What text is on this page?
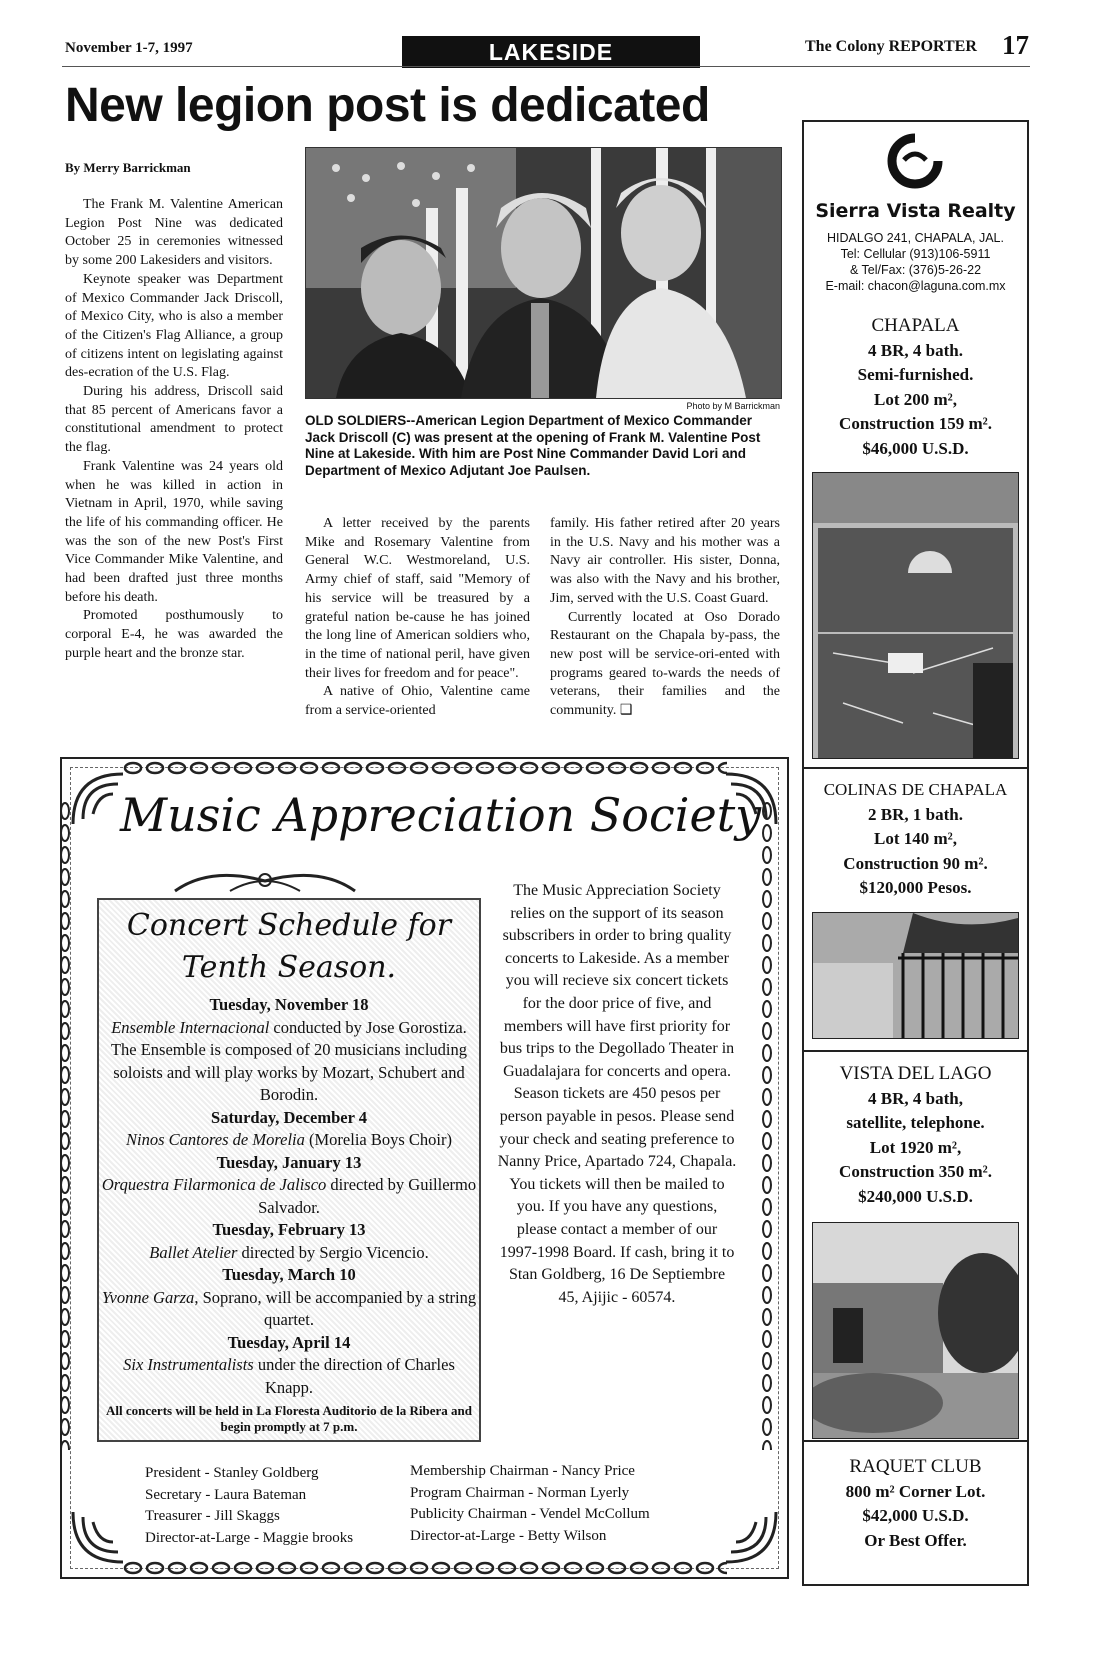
November 1-7, 1997	LAKESIDE	The Colony REPORTER 17
New legion post is dedicated
By Merry Barrickman

The Frank M. Valentine American Legion Post Nine was dedicated October 25 in ceremonies witnessed by some 200 Lakesiders and visitors.

Keynote speaker was Department of Mexico Commander Jack Driscoll, of Mexico City, who is also a member of the Citizen's Flag Alliance, a group of citizens intent on legislating against des-ecration of the U.S. Flag.

During his address, Driscoll said that 85 percent of Americans favor a constitutional amendment to protect the flag.

Frank Valentine was 24 years old when he was killed in action in Vietnam in April, 1970, while saving the life of his commanding officer. He was the son of the new Post's First Vice Commander Mike Valentine, and had been drafted just three months before his death.

Promoted posthumously to corporal E-4, he was awarded the purple heart and the bronze star.

Photo by M Barrickman
OLD SOLDIERS--American Legion Department of Mexico Commander Jack Driscoll (C) was present at the opening of Frank M. Valentine Post Nine at Lakeside. With him are Post Nine Commander David Lori and Department of Mexico Adjutant Joe Paulsen.

A letter received by the parents Mike and Rosemary Valentine from General W.C. Westmoreland, U.S. Army chief of staff, said "Memory of his service will be treasured by a grateful nation be-cause he has joined the long line of American soldiers who, in the time of national peril, have given their lives for freedom and for peace".

A native of Ohio, Valentine came from a service-oriented

family. His father retired after 20 years in the U.S. Navy and his mother was a Navy air controller. His sister, Donna, was also with the Navy and his brother, Jim, served with the U.S. Coast Guard.

Currently located at Oso Dorado Restaurant on the Chapala by-pass, the new post will be service-ori-ented with programs geared to-wards the needs of veterans, their families and the community. ❑

Music Appreciation Society
Concert Schedule for
Tenth Season.
Tuesday, November 18
Ensemble Internacional conducted by Jose Gorostiza. The Ensemble is composed of 20 musicians including soloists and will play works by Mozart, Schubert and Borodin.
Saturday, December 4
Ninos Cantores de Morelia (Morelia Boys Choir)
Tuesday, January 13
Orquestra Filarmonica de Jalisco directed by Guillermo Salvador.
Tuesday, February 13
Ballet Atelier directed by Sergio Vicencio.
Tuesday, March 10
Yvonne Garza, Soprano, will be accompanied by a string quartet.
Tuesday, April 14
Six Instrumentalists under the direction of Charles Knapp.
All concerts will be held in La Floresta Auditorio de la Ribera and begin promptly at 7 p.m.
The Music Appreciation Society relies on the support of its season subscribers in order to bring quality concerts to Lakeside. As a member you will recieve six concert tickets for the door price of five, and members will have first priority for bus trips to the Degollado Theater in Guadalajara for concerts and opera. Season tickets are 450 pesos per person payable in pesos. Please send your check and seating preference to Nanny Price, Apartado 724, Chapala. You tickets will then be mailed to you. If you have any questions, please contact a member of our 1997-1998 Board. If cash, bring it to Stan Goldberg, 16 De Septiembre 45, Ajijic - 60574.
President - Stanley Goldberg
Secretary - Laura Bateman
Treasurer - Jill Skaggs
Director-at-Large - Maggie brooks
Membership Chairman - Nancy Price
Program Chairman - Norman Lyerly
Publicity Chairman - Vendel McCollum
Director-at-Large - Betty Wilson
Sierra Vista Realty
HIDALGO 241, CHAPALA, JAL.
Tel: Cellular (913)106-5911
& Tel/Fax: (376)5-26-22
E-mail: chacon@laguna.com.mx
CHAPALA
4 BR, 4 bath.
Semi-furnished.
Lot 200 m²,
Construction 159 m².
$46,000 U.S.D.
COLINAS DE CHAPALA
2 BR, 1 bath.
Lot 140 m²,
Construction 90 m².
$120,000 Pesos.
VISTA DEL LAGO
4 BR, 4 bath,
satellite, telephone.
Lot 1920 m²,
Construction 350 m².
$240,000 U.S.D.
RAQUET CLUB
800 m² Corner Lot.
$42,000 U.S.D.
Or Best Offer.
